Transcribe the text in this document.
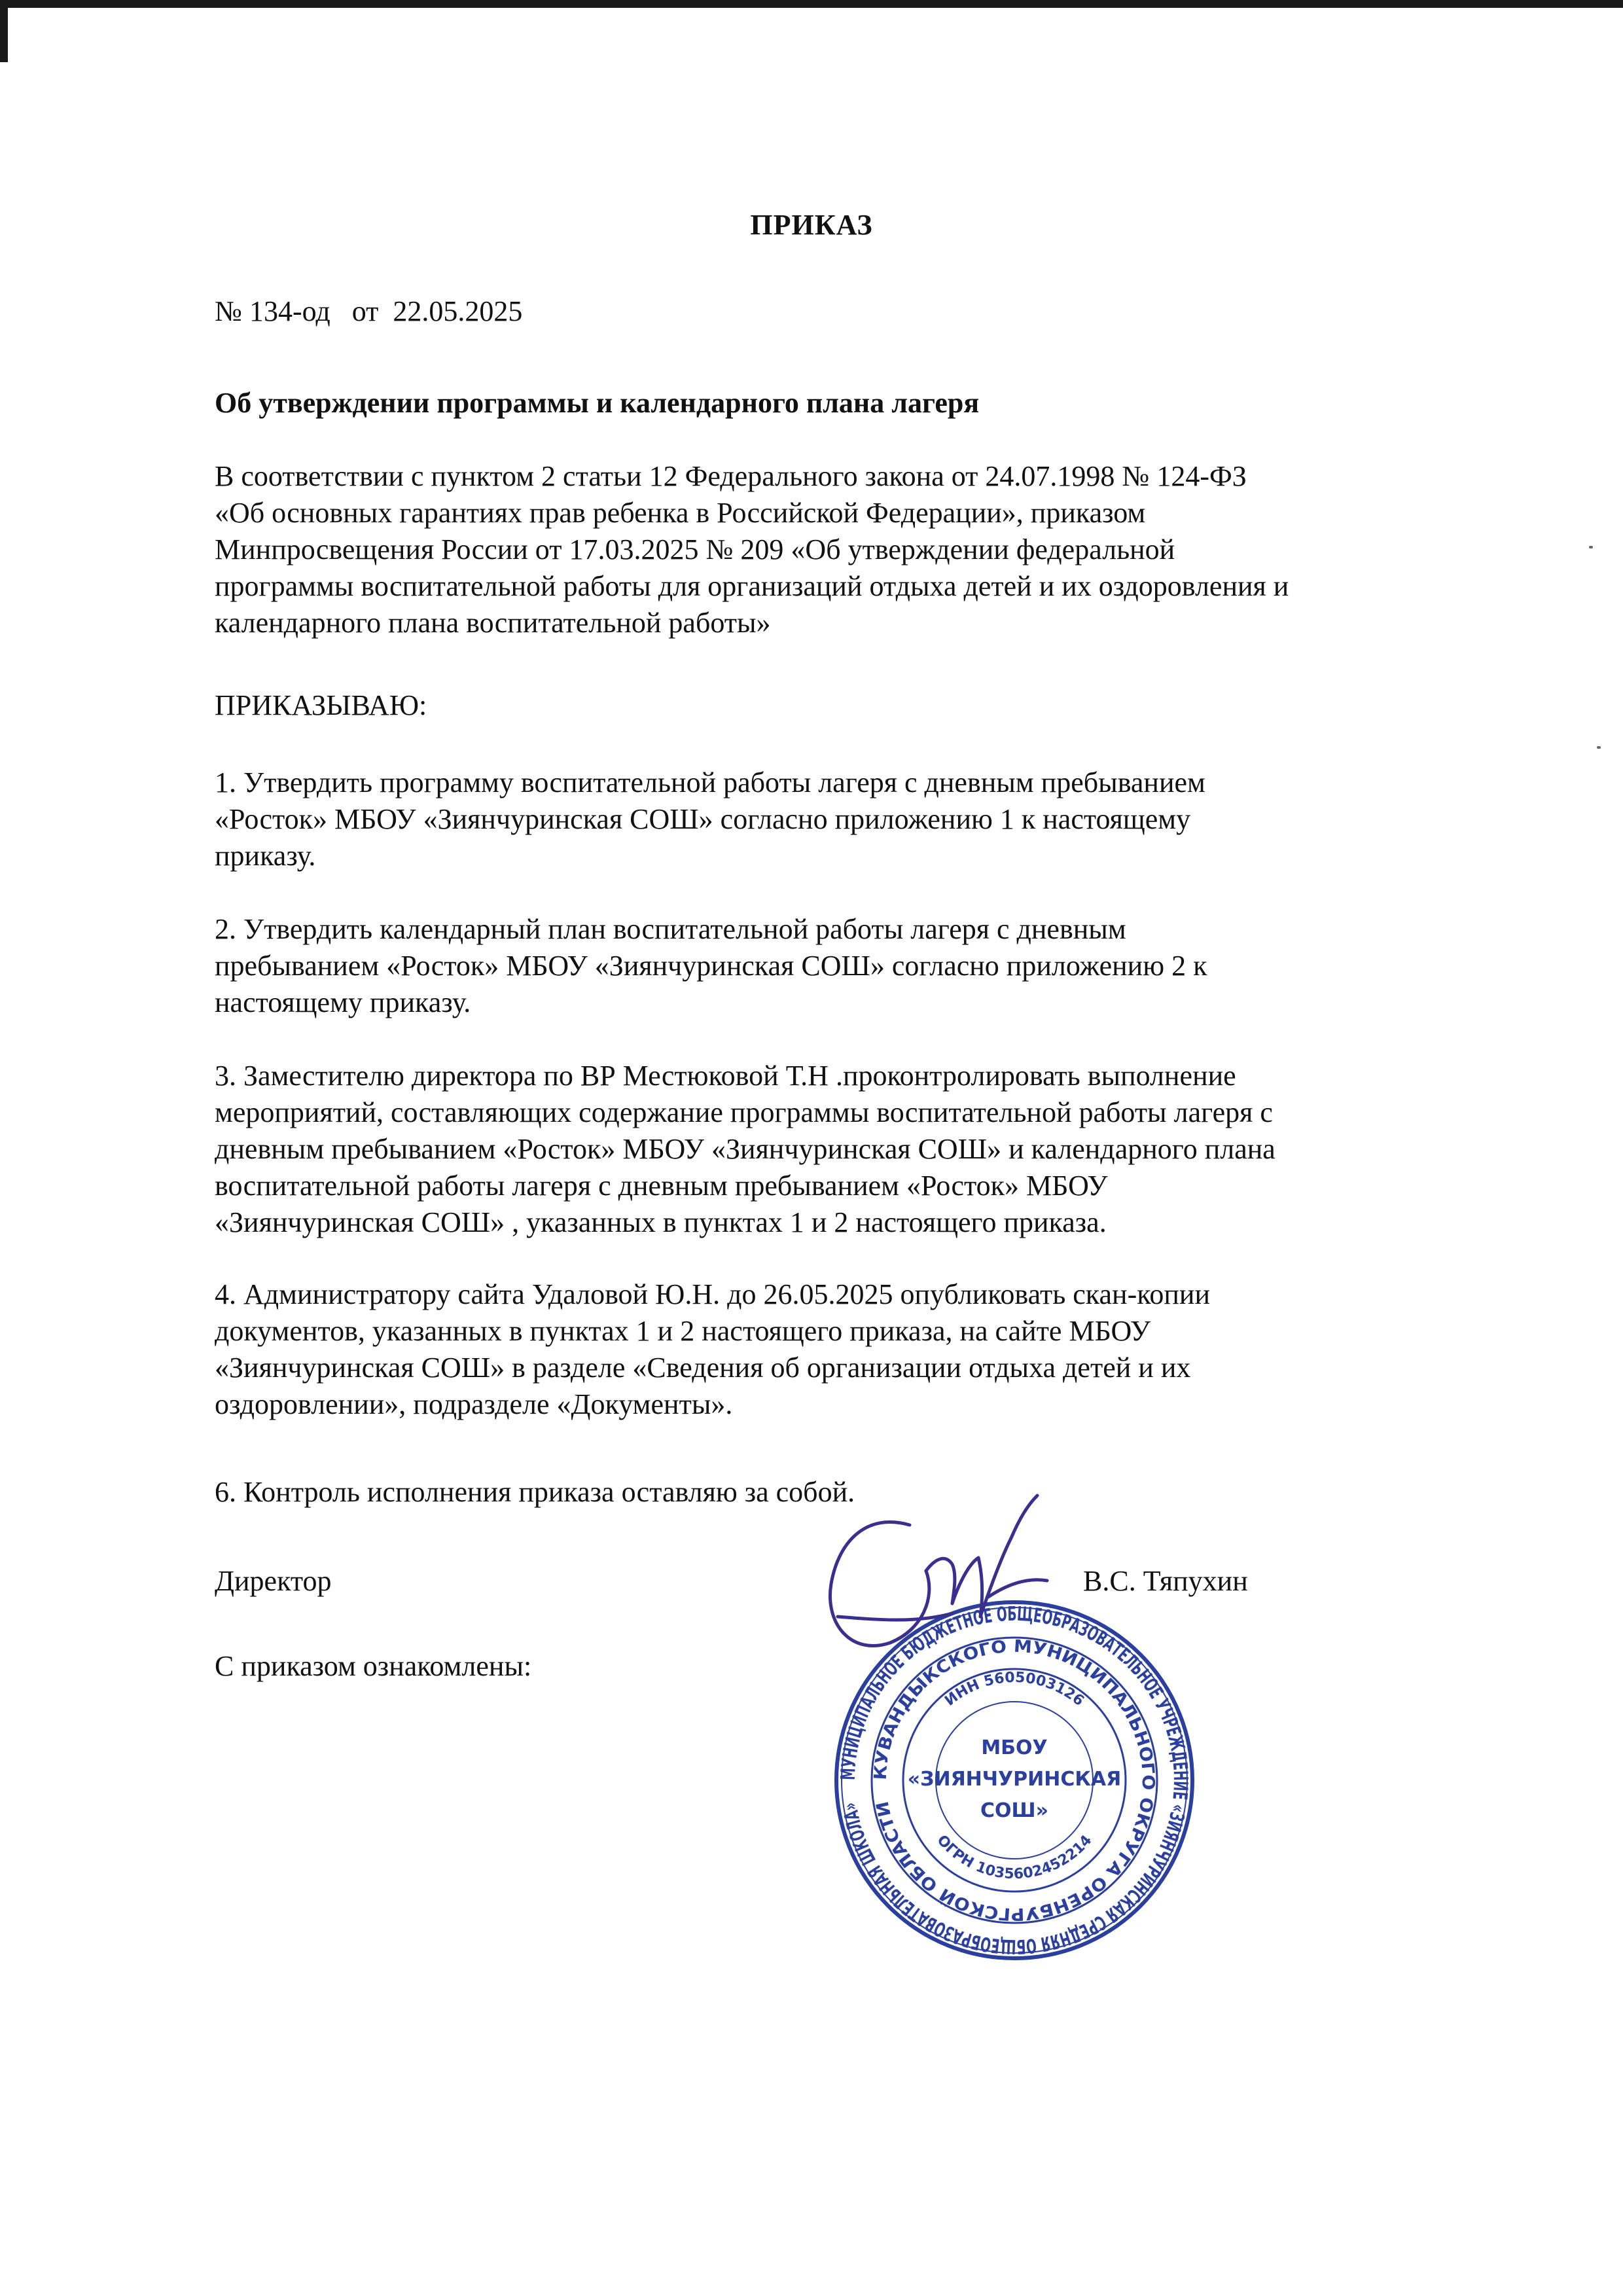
ПРИКАЗ
№ 134-од   от  22.05.2025
Об утверждении программы и календарного плана лагеря
В соответствии с пунктом 2 статьи 12 Федерального закона от 24.07.1998 № 124-ФЗ
«Об основных гарантиях прав ребенка в Российской Федерации», приказом
Минпросвещения России от 17.03.2025 № 209 «Об утверждении федеральной
программы воспитательной работы для организаций отдыха детей и их оздоровления и
календарного плана воспитательной работы»
ПРИКАЗЫВАЮ:
1. Утвердить программу воспитательной работы лагеря с дневным пребыванием
«Росток» МБОУ «Зиянчуринская СОШ» согласно приложению 1 к настоящему
приказу.
2. Утвердить календарный план воспитательной работы лагеря с дневным
пребыванием «Росток» МБОУ «Зиянчуринская СОШ» согласно приложению 2 к
настоящему приказу.
3. Заместителю директора по ВР Местюковой Т.Н .проконтролировать выполнение
мероприятий, составляющих содержание программы воспитательной работы лагеря с
дневным пребыванием «Росток» МБОУ «Зиянчуринская СОШ» и календарного плана
воспитательной работы лагеря с дневным пребыванием «Росток» МБОУ
«Зиянчуринская СОШ» , указанных в пунктах 1 и 2 настоящего приказа.
4. Администратору сайта Удаловой Ю.Н. до 26.05.2025 опубликовать скан-копии
документов, указанных в пунктах 1 и 2 настоящего приказа, на сайте МБОУ
«Зиянчуринская СОШ» в разделе «Сведения об организации отдыха детей и их
оздоровлении», подразделе «Документы».
6. Контроль исполнения приказа оставляю за собой.
Директор	В.С. Тяпухин
С приказом ознакомлены:
МУНИЦИПАЛЬНОЕ БЮДЖЕТНОЕ ОБЩЕОБРАЗОВАТЕЛЬНОЕ УЧРЕЖДЕНИЕ «ЗИЯНЧУРИНСКАЯ СРЕДНЯЯ ОБЩЕОБРАЗОВАТЕЛЬНАЯ ШКОЛА»
КУВАНДЫКСКОГО МУНИЦИПАЛЬНОГО ОКРУГА ОРЕНБУРГСКОЙ ОБЛАСТИ
ИНН 5605003126
ОГРН 1035602452214
МБОУ
«ЗИЯНЧУРИНСКАЯ
СОШ»
